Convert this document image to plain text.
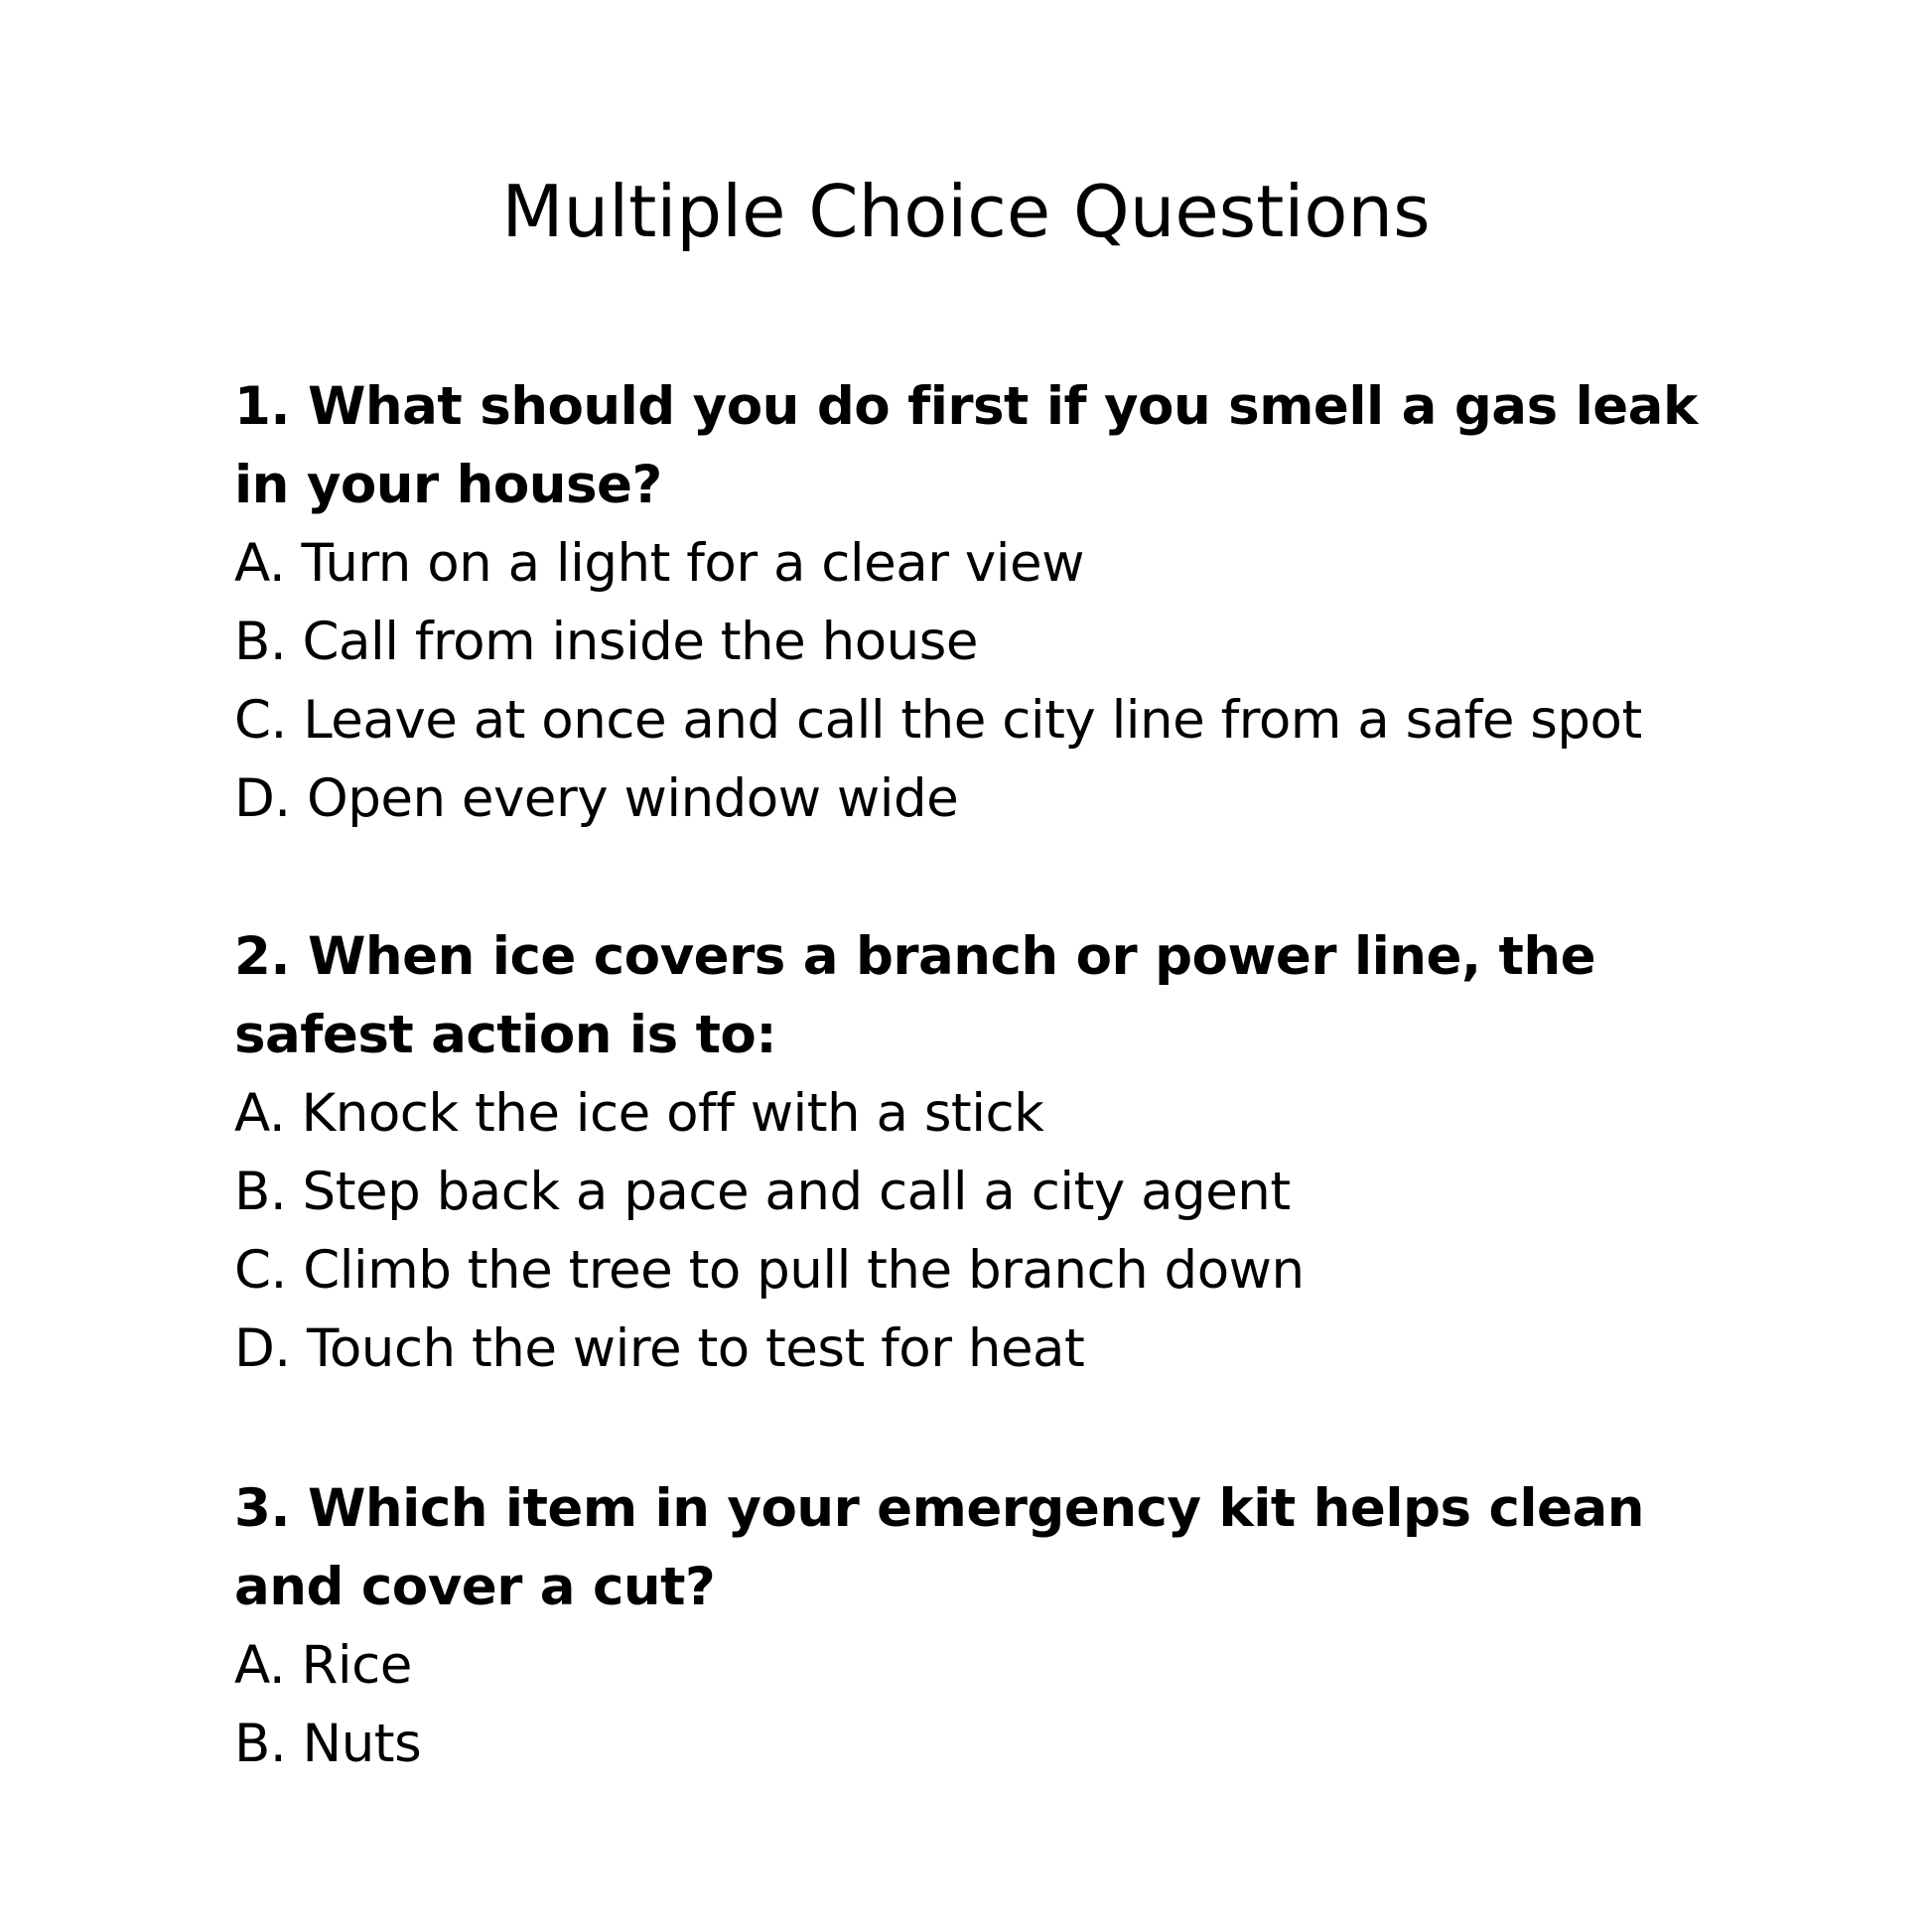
Multiple Choice Questions

1. What should you do first if you smell a gas leak in your house?

A. Turn on a light for a clear view
B. Call from inside the house
C. Leave at once and call the city line from a safe spot
D. Open every window wide

2. When ice covers a branch or power line, the safest action is to:

A. Knock the ice off with a stick
B. Step back a pace and call a city agent
C. Climb the tree to pull the branch down
D. Touch the wire to test for heat

3. Which item in your emergency kit helps clean and cover a cut?

A. Rice
B. Nuts
